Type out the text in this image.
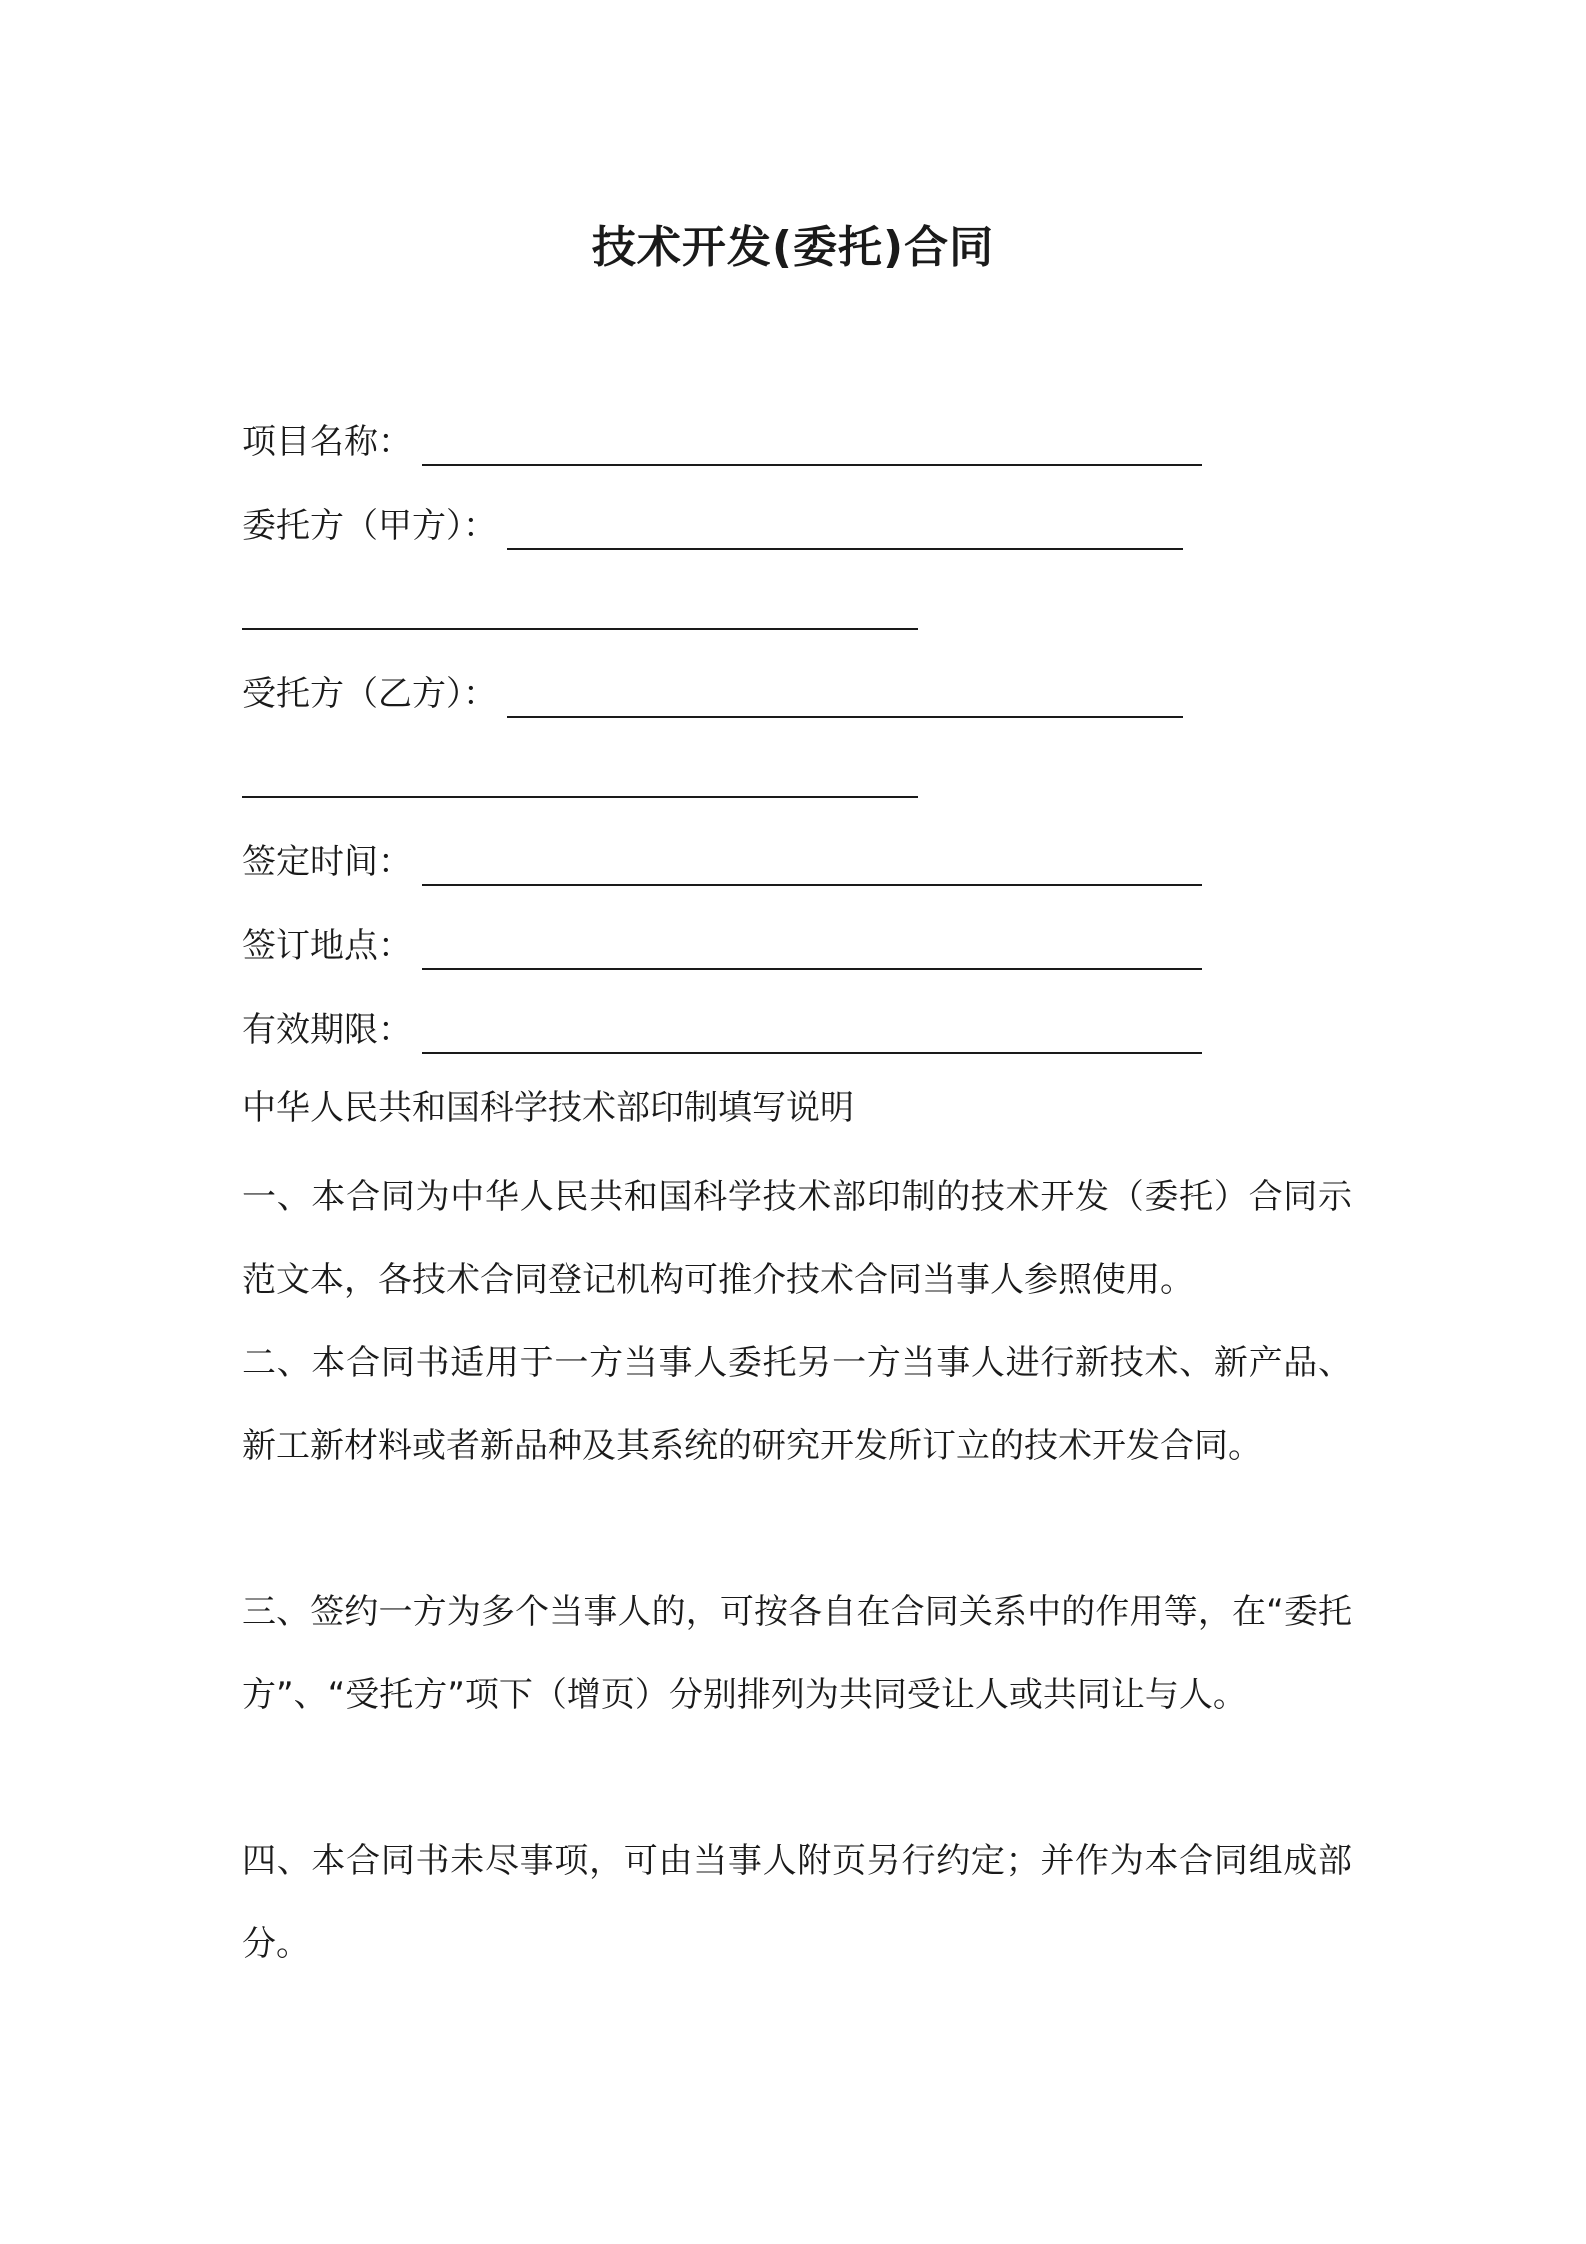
技术开发(委托)合同
项目名称：
委托方（甲方）：
受托方（乙方）：
签定时间：
签订地点：
有效期限：
中华人民共和国科学技术部印制填写说明
一、本合同为中华人民共和国科学技术部印制的技术开发（委托）合同示范文本，各技术合同登记机构可推介技术合同当事人参照使用。
二、本合同书适用于一方当事人委托另一方当事人进行新技术、新产品、新工新材料或者新品种及其系统的研究开发所订立的技术开发合同。
三、签约一方为多个当事人的，可按各自在合同关系中的作用等，在“委托方”、“受托方”项下（增页）分别排列为共同受让人或共同让与人。
四、本合同书未尽事项，可由当事人附页另行约定；并作为本合同组成部分。
